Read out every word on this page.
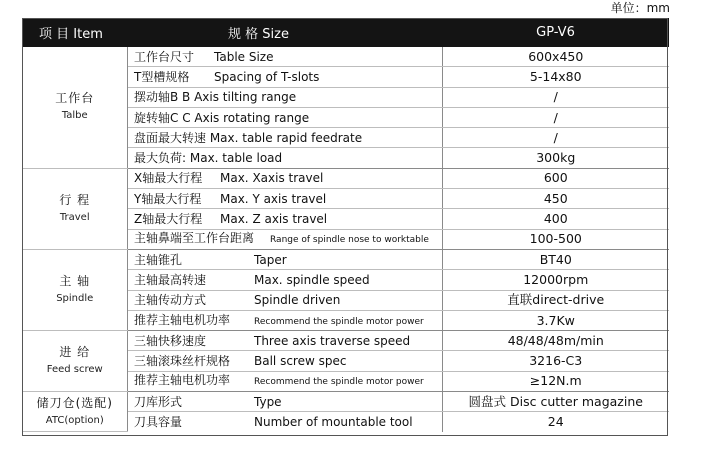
单位：mm
项 目 Item	规 格 Size	GP-V6

工作台
Talbe	工作台尺寸 Table Size	600x450
	T型槽规格 Spacing of T-slots	5-14x80
	摆动轴B B Axis tilting range	/
	旋转轴C C Axis rotating range	/
	盘面最大转速 Max. table rapid feedrate	/
	最大负荷: Max. table load	300kg

行 程
Travel	X轴最大行程 Max. Xaxis travel	600
	Y轴最大行程 Max. Y axis travel	450
	Z轴最大行程 Max. Z axis travel	400
	主轴鼻端至工作台距离 Range of spindle nose to worktable	100-500

主 轴
Spindle	主轴锥孔 Taper	BT40
	主轴最高转速 Max. spindle speed	12000rpm
	主轴传动方式 Spindle driven	直联direct-drive
	推荐主轴电机功率 Recommend the spindle motor power	3.7Kw

进 给
Feed screw	三轴快移速度 Three axis traverse speed	48/48/48m/min
	三轴滚珠丝杆规格 Ball screw spec	3216-C3
	推荐主轴电机功率 Recommend the spindle motor power	≥12N.m

储刀仓(选配)
ATC(option)	刀库形式 Type	圆盘式 Disc cutter magazine
	刀具容量 Number of mountable tool	24
